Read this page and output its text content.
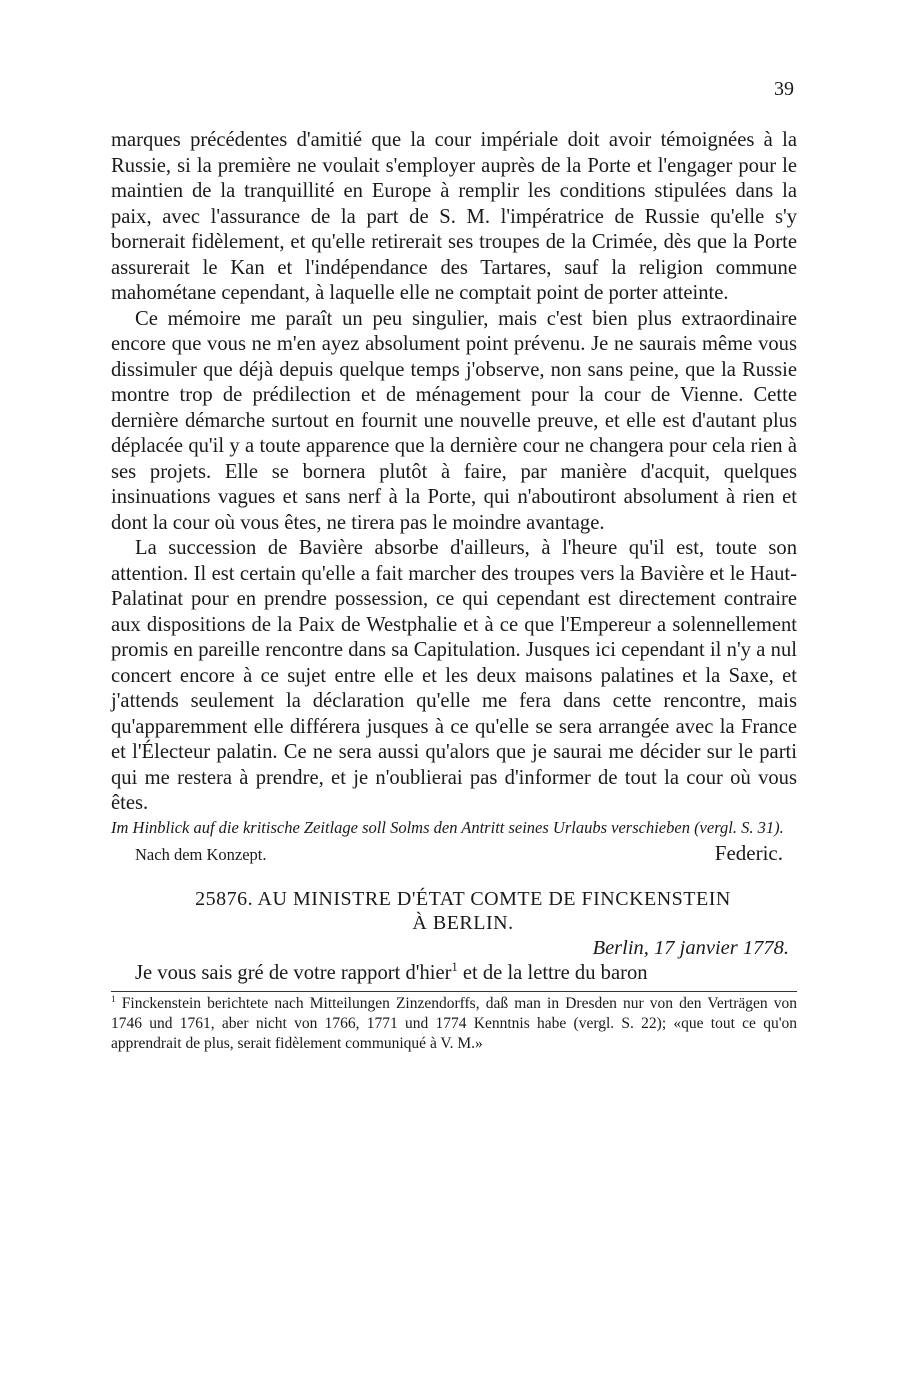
39

marques précédentes d'amitié que la cour impériale doit avoir témoignées à la Russie, si la première ne voulait s'employer auprès de la Porte et l'engager pour le maintien de la tranquillité en Europe à remplir les conditions stipulées dans la paix, avec l'assurance de la part de S. M. l'impératrice de Russie qu'elle s'y bornerait fidèlement, et qu'elle retirerait ses troupes de la Crimée, dès que la Porte assurerait le Kan et l'indépendance des Tartares, sauf la religion commune mahométane cependant, à laquelle elle ne comptait point de porter atteinte.

Ce mémoire me paraît un peu singulier, mais c'est bien plus extraordinaire encore que vous ne m'en ayez absolument point prévenu. Je ne saurais même vous dissimuler que déjà depuis quelque temps j'observe, non sans peine, que la Russie montre trop de prédilection et de ménagement pour la cour de Vienne. Cette dernière démarche surtout en fournit une nouvelle preuve, et elle est d'autant plus déplacée qu'il y a toute apparence que la dernière cour ne changera pour cela rien à ses projets. Elle se bornera plutôt à faire, par manière d'acquit, quelques insinuations vagues et sans nerf à la Porte, qui n'aboutiront absolument à rien et dont la cour où vous êtes, ne tirera pas le moindre avantage.

La succession de Bavière absorbe d'ailleurs, à l'heure qu'il est, toute son attention. Il est certain qu'elle a fait marcher des troupes vers la Bavière et le Haut-Palatinat pour en prendre possession, ce qui cependant est directement contraire aux dispositions de la Paix de Westphalie et à ce que l'Empereur a solennellement promis en pareille rencontre dans sa Capitulation. Jusques ici cependant il n'y a nul concert encore à ce sujet entre elle et les deux maisons palatines et la Saxe, et j'attends seulement la déclaration qu'elle me fera dans cette rencontre, mais qu'apparemment elle différera jusques à ce qu'elle se sera arrangée avec la France et l'Électeur palatin. Ce ne sera aussi qu'alors que je saurai me décider sur le parti qui me restera à prendre, et je n'oublierai pas d'informer de tout la cour où vous êtes.

Im Hinblick auf die kritische Zeitlage soll Solms den Antritt seines Urlaubs verschieben (vergl. S. 31).

Nach dem Konzept.	Federic.
25876. AU MINISTRE D'ÉTAT COMTE DE FINCKENSTEIN
À BERLIN.
Berlin, 17 janvier 1778.

Je vous sais gré de votre rapport d'hier$^1$ et de la lettre du baron

$^1$ Finckenstein berichtete nach Mitteilungen Zinzendorffs, daß man in Dresden nur von den Verträgen von 1746 und 1761, aber nicht von 1766, 1771 und 1774 Kenntnis habe (vergl. S. 22); «que tout ce qu'on apprendrait de plus, serait fidèlement communiqué à V. M.»
